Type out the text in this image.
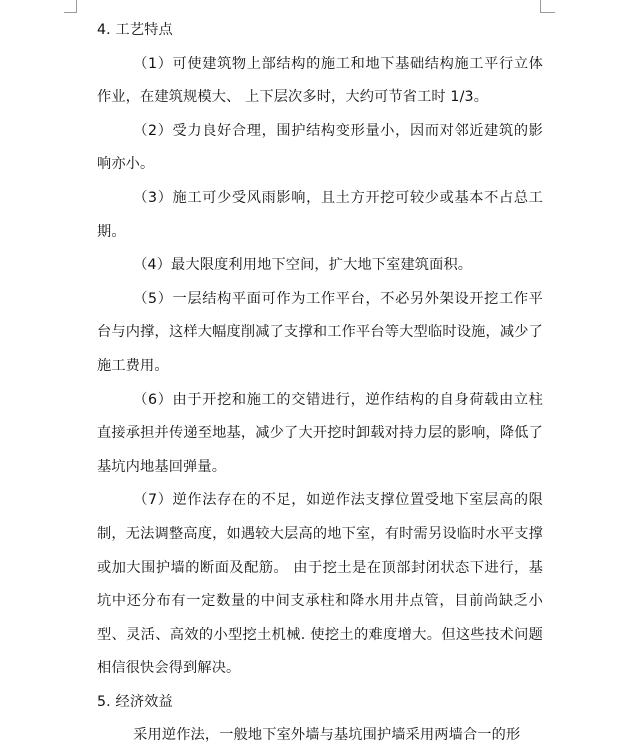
4. 工艺特点

（1）可使建筑物上部结构的施工和地下基础结构施工平行立体作业，在建筑规模大、 上下层次多时，大约可节省工时 1/3。

（2）受力良好合理，围护结构变形量小，因而对邻近建筑的影响亦小。

（3）施工可少受风雨影响，且土方开挖可较少或基本不占总工期。

（4）最大限度利用地下空间，扩大地下室建筑面积。

（5）一层结构平面可作为工作平台，不必另外架设开挖工作平台与内撑，这样大幅度削减了支撑和工作平台等大型临时设施，减少了施工费用。

（6）由于开挖和施工的交错进行，逆作结构的自身荷载由立柱直接承担并传递至地基，减少了大开挖时卸载对持力层的影响，降低了基坑内地基回弹量。

（7）逆作法存在的不足，如逆作法支撑位置受地下室层高的限制，无法调整高度，如遇较大层高的地下室，有时需另设临时水平支撑或加大围护墙的断面及配筋。 由于挖土是在顶部封闭状态下进行，基坑中还分布有一定数量的中间支承柱和降水用井点管，目前尚缺乏小型、灵活、高效的小型挖土机械. 使挖土的难度增大。但这些技术问题相信很快会得到解决。

5. 经济效益

采用逆作法，一般地下室外墙与基坑围护墙采用两墙合一的形
